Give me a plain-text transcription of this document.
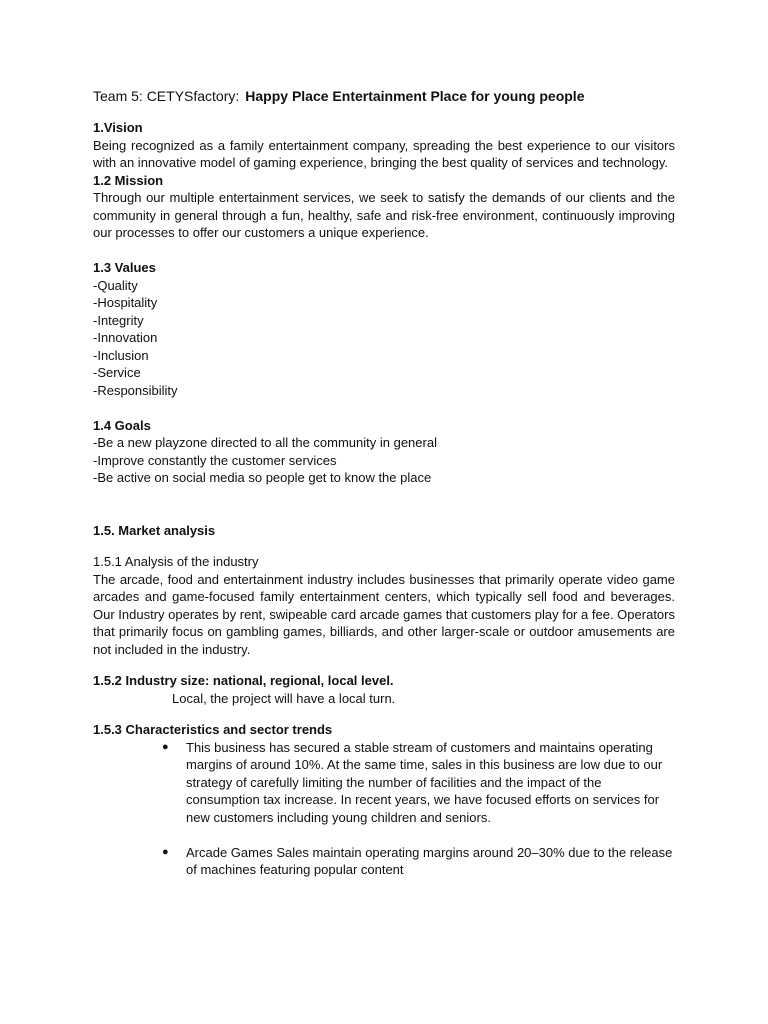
Team 5: CETYSfactory: Happy Place Entertainment Place for young people
1.Vision

Being recognized as a family entertainment company, spreading the best experience to our visitors with an innovative model of gaming experience, bringing the best quality of services and technology.

1.2 Mission

Through our multiple entertainment services, we seek to satisfy the demands of our clients and the community in general through a fun, healthy, safe and risk-free environment, continuously improving our processes to offer our customers a unique experience.

1.3 Values

-Quality

-Hospitality

-Integrity

-Innovation

-Inclusion

-Service

-Responsibility

1.4 Goals

-Be a new playzone directed to all the community in general

-Improve constantly the customer services

-Be active on social media so people get to know the place

1.5. Market analysis

1.5.1 Analysis of the industry

The arcade, food and entertainment industry includes businesses that primarily operate video game arcades and game-focused family entertainment centers, which typically sell food and beverages. Our Industry operates by rent, swipeable card arcade games that customers play for a fee. Operators that primarily focus on gambling games, billiards, and other larger-scale or outdoor amusements are not included in the industry.

1.5.2 Industry size: national, regional, local level.

Local, the project will have a local turn.

1.5.3 Characteristics and sector trends
● This business has secured a stable stream of customers and maintains operating margins of around 10%. At the same time, sales in this business are low due to our strategy of carefully limiting the number of facilities and the impact of the consumption tax increase. In recent years, we have focused efforts on services for new customers including young children and seniors.
● Arcade Games Sales maintain operating margins around 20–30% due to the release of machines featuring popular content
